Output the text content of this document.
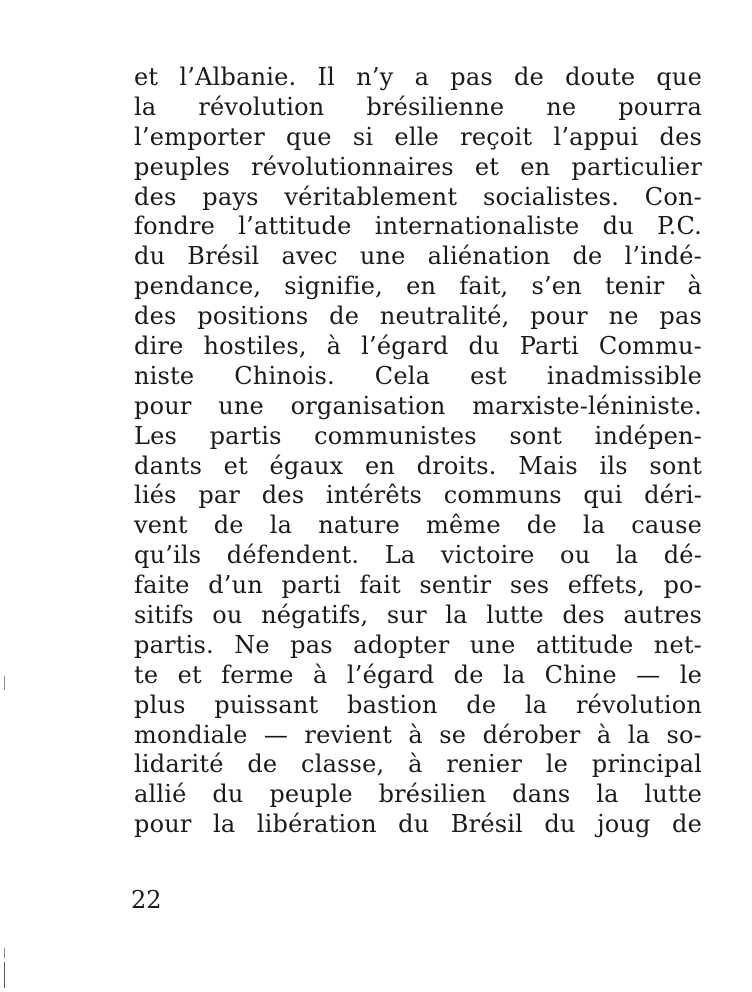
et l’Albanie. Il n’y a pas de doute que
la révolution brésilienne ne pourra
l’emporter que si elle reçoit l’appui des
peuples révolutionnaires et en particulier
des pays véritablement socialistes. Con-
fondre l’attitude internationaliste du P.C.
du Brésil avec une aliénation de l’indé-
pendance, signifie, en fait, s’en tenir à
des positions de neutralité, pour ne pas
dire hostiles, à l’égard du Parti Commu-
niste Chinois. Cela est inadmissible
pour une organisation marxiste-léniniste.
Les partis communistes sont indépen-
dants et égaux en droits. Mais ils sont
liés par des intérêts communs qui déri-
vent de la nature même de la cause
qu’ils défendent. La victoire ou la dé-
faite d’un parti fait sentir ses effets, po-
sitifs ou négatifs, sur la lutte des autres
partis. Ne pas adopter une attitude net-
te et ferme à l’égard de la Chine — le
plus puissant bastion de la révolution
mondiale — revient à se dérober à la so-
lidarité de classe, à renier le principal
allié du peuple brésilien dans la lutte
pour la libération du Brésil du joug de
22
